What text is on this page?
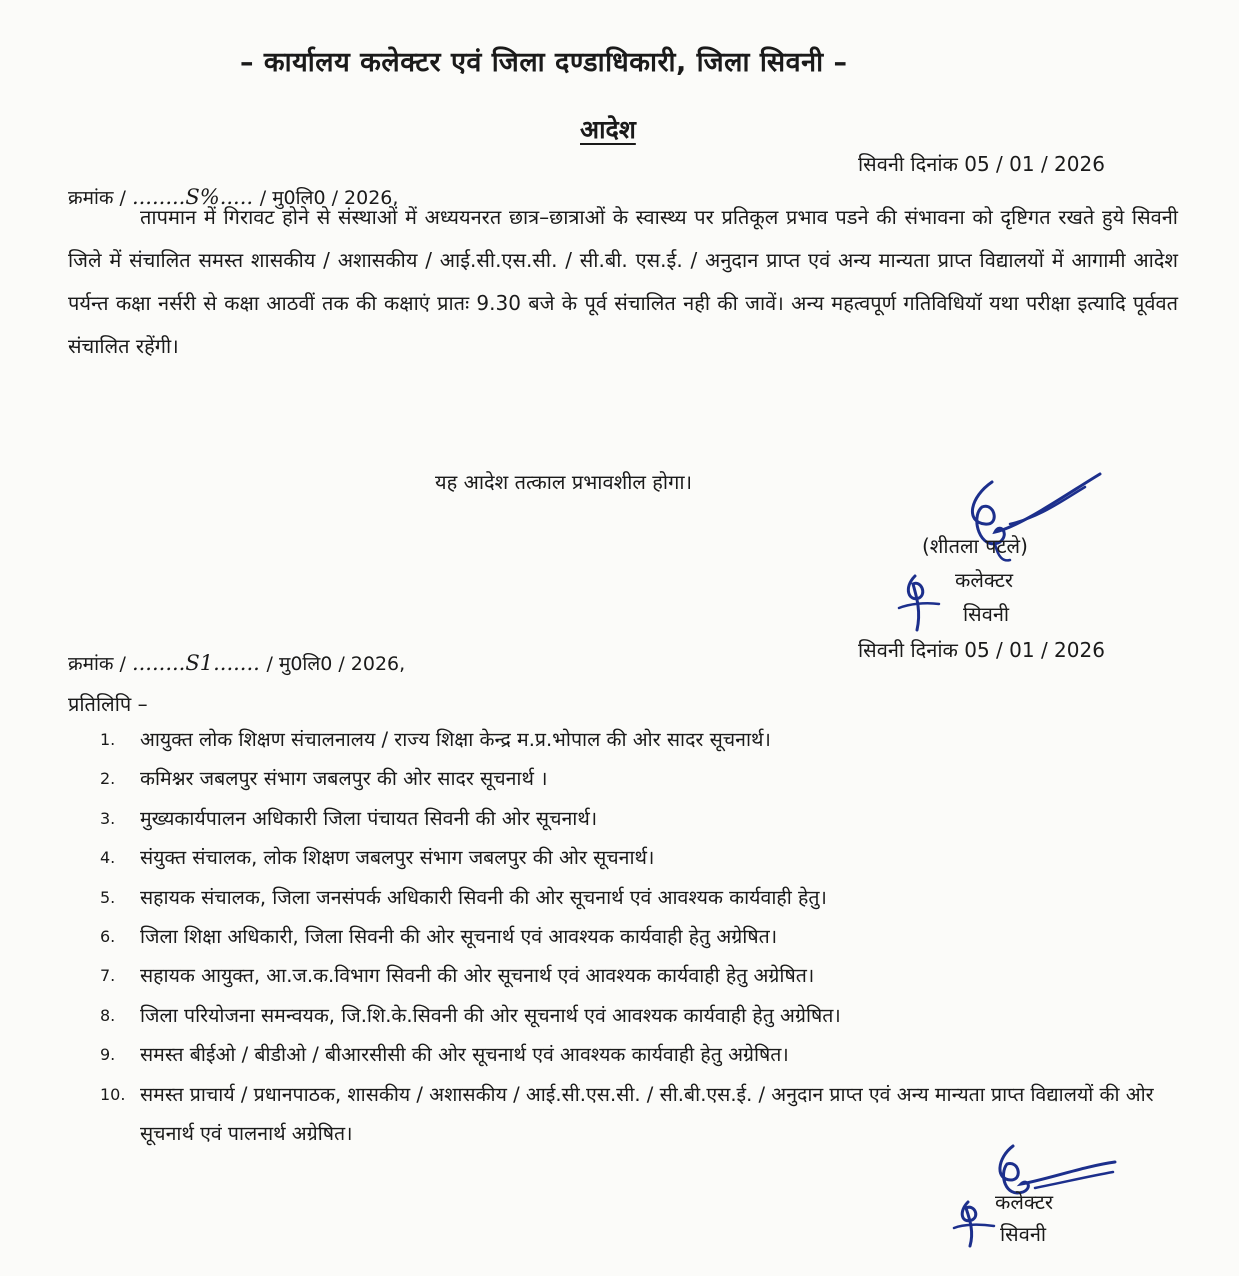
– कार्यालय कलेक्टर एवं जिला दण्डाधिकारी, जिला सिवनी –
आदेश
सिवनी दिनांक 05 / 01 / 2026
क्रमांक / ........S%..... / मु0लि0 / 2026,
तापमान में गिरावट होने से संस्थाओं में अध्ययनरत छात्र–छात्राओं के स्वास्थ्य पर प्रतिकूल प्रभाव पडने की संभावना को दृष्टिगत रखते हुये सिवनी जिले में संचालित समस्त शासकीय / अशासकीय / आई.सी.एस.सी. / सी.बी. एस.ई. / अनुदान प्राप्त एवं अन्य मान्यता प्राप्त विद्यालयों में आगामी आदेश पर्यन्त कक्षा नर्सरी से कक्षा आठवीं तक की कक्षाएं प्रातः 9.30 बजे के पूर्व संचालित नही की जावें। अन्य महत्वपूर्ण गतिविधियॉ यथा परीक्षा इत्यादि पूर्ववत संचालित रहेंगी।
यह आदेश तत्काल प्रभावशील होगा।
(शीतला पटले)
कलेक्टर
सिवनी
सिवनी दिनांक 05 / 01 / 2026
क्रमांक / ........S1....... / मु0लि0 / 2026,
प्रतिलिपि –
1. आयुक्त लोक शिक्षण संचालनालय / राज्य शिक्षा केन्द्र म.प्र.भोपाल की ओर सादर सूचनार्थ।
2. कमिश्नर जबलपुर संभाग जबलपुर की ओर सादर सूचनार्थ ।
3. मुख्यकार्यपालन अधिकारी जिला पंचायत सिवनी की ओर सूचनार्थ।
4. संयुक्त संचालक, लोक शिक्षण जबलपुर संभाग जबलपुर की ओर सूचनार्थ।
5. सहायक संचालक, जिला जनसंपर्क अधिकारी सिवनी की ओर सूचनार्थ एवं आवश्यक कार्यवाही हेतु।
6. जिला शिक्षा अधिकारी, जिला सिवनी की ओर सूचनार्थ एवं आवश्यक कार्यवाही हेतु अग्रेषित।
7. सहायक आयुक्त, आ.ज.क.विभाग सिवनी की ओर सूचनार्थ एवं आवश्यक कार्यवाही हेतु अग्रेषित।
8. जिला परियोजना समन्वयक, जि.शि.के.सिवनी की ओर सूचनार्थ एवं आवश्यक कार्यवाही हेतु अग्रेषित।
9. समस्त बीईओ / बीडीओ / बीआरसीसी की ओर सूचनार्थ एवं आवश्यक कार्यवाही हेतु अग्रेषित।
10. समस्त प्राचार्य / प्रधानपाठक, शासकीय / अशासकीय / आई.सी.एस.सी. / सी.बी.एस.ई. / अनुदान प्राप्त एवं अन्य मान्यता प्राप्त विद्यालयों की ओर सूचनार्थ एवं पालनार्थ अग्रेषित।
कलेक्टर
सिवनी
